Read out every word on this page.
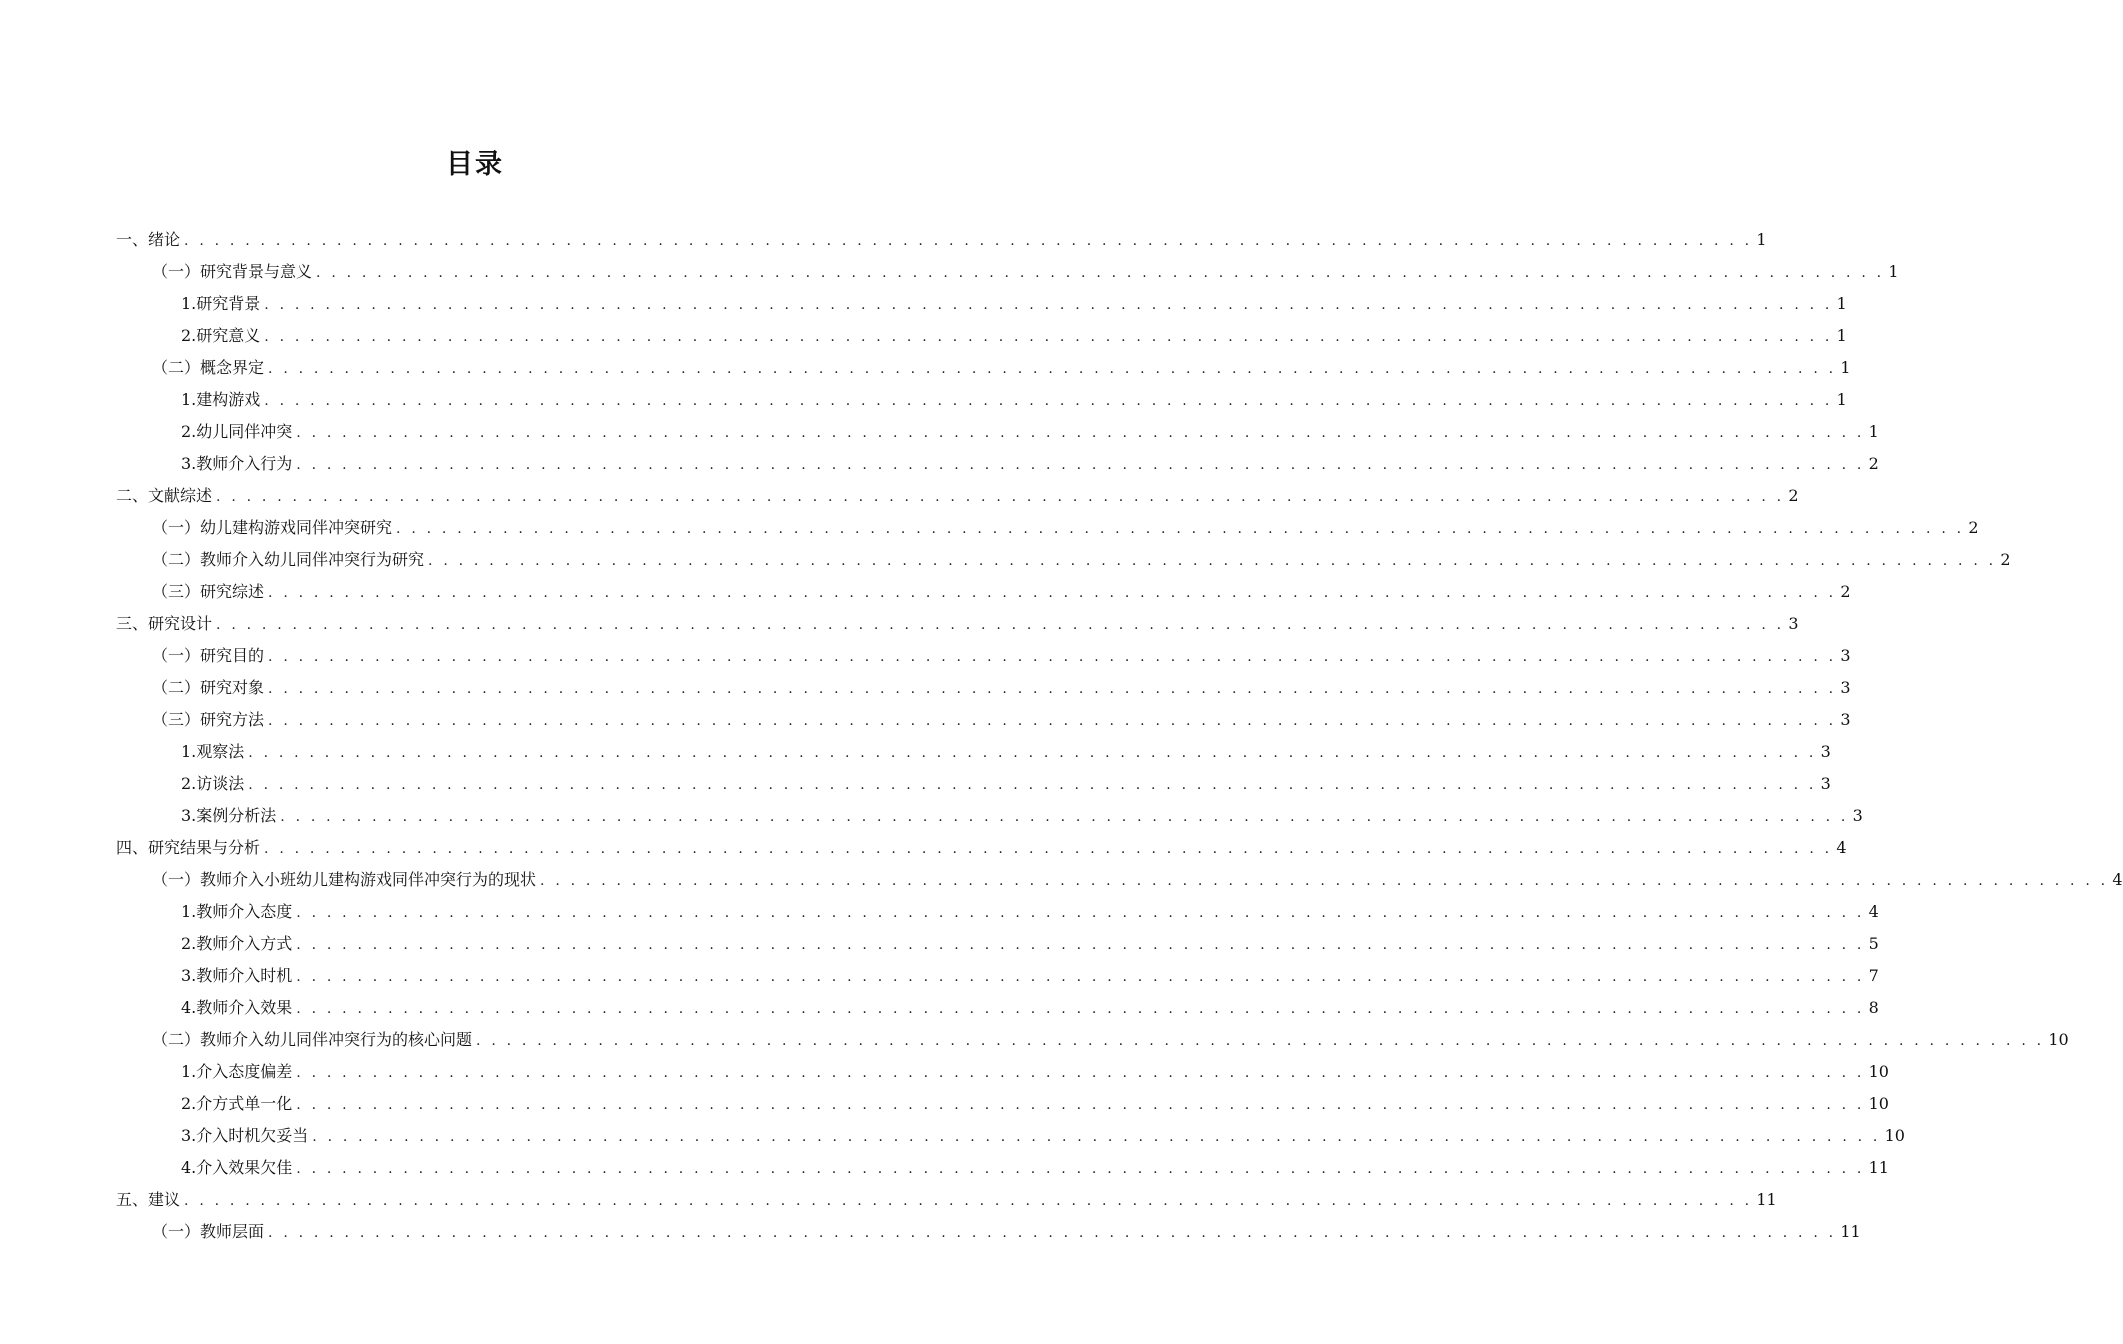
目录
一、绪论 . . . . . . . . . . . . . . . . . . . . . . . . . . . . . . . . . . . . . . . . . . . . . . . . . . . . . . . . . . . . . . . . . . . . . . . . . . . . . . . . . . . . . . . . . . . . . . . . . . . . . . . 1
（一）研究背景与意义 . . . . . . . . . . . . . . . . . . . . . . . . . . . . . . . . . . . . . . . . . . . . . . . . . . . . . . . . . . . . . . . . . . . . . . . . . . . . . . . . . . . . . . . . . . . . . . . . . . . . . . . 1
1.研究背景 . . . . . . . . . . . . . . . . . . . . . . . . . . . . . . . . . . . . . . . . . . . . . . . . . . . . . . . . . . . . . . . . . . . . . . . . . . . . . . . . . . . . . . . . . . . . . . . . . . . . . . . 1
2.研究意义 . . . . . . . . . . . . . . . . . . . . . . . . . . . . . . . . . . . . . . . . . . . . . . . . . . . . . . . . . . . . . . . . . . . . . . . . . . . . . . . . . . . . . . . . . . . . . . . . . . . . . . . 1
（二）概念界定 . . . . . . . . . . . . . . . . . . . . . . . . . . . . . . . . . . . . . . . . . . . . . . . . . . . . . . . . . . . . . . . . . . . . . . . . . . . . . . . . . . . . . . . . . . . . . . . . . . . . . . . 1
1.建构游戏 . . . . . . . . . . . . . . . . . . . . . . . . . . . . . . . . . . . . . . . . . . . . . . . . . . . . . . . . . . . . . . . . . . . . . . . . . . . . . . . . . . . . . . . . . . . . . . . . . . . . . . . 1
2.幼儿同伴冲突 . . . . . . . . . . . . . . . . . . . . . . . . . . . . . . . . . . . . . . . . . . . . . . . . . . . . . . . . . . . . . . . . . . . . . . . . . . . . . . . . . . . . . . . . . . . . . . . . . . . . . . . 1
3.教师介入行为 . . . . . . . . . . . . . . . . . . . . . . . . . . . . . . . . . . . . . . . . . . . . . . . . . . . . . . . . . . . . . . . . . . . . . . . . . . . . . . . . . . . . . . . . . . . . . . . . . . . . . . . 2
二、文献综述 . . . . . . . . . . . . . . . . . . . . . . . . . . . . . . . . . . . . . . . . . . . . . . . . . . . . . . . . . . . . . . . . . . . . . . . . . . . . . . . . . . . . . . . . . . . . . . . . . . . . . . . 2
（一）幼儿建构游戏同伴冲突研究 . . . . . . . . . . . . . . . . . . . . . . . . . . . . . . . . . . . . . . . . . . . . . . . . . . . . . . . . . . . . . . . . . . . . . . . . . . . . . . . . . . . . . . . . . . . . . . . . . . . . . . . 2
（二）教师介入幼儿同伴冲突行为研究 . . . . . . . . . . . . . . . . . . . . . . . . . . . . . . . . . . . . . . . . . . . . . . . . . . . . . . . . . . . . . . . . . . . . . . . . . . . . . . . . . . . . . . . . . . . . . . . . . . . . . . . 2
（三）研究综述 . . . . . . . . . . . . . . . . . . . . . . . . . . . . . . . . . . . . . . . . . . . . . . . . . . . . . . . . . . . . . . . . . . . . . . . . . . . . . . . . . . . . . . . . . . . . . . . . . . . . . . . 2
三、研究设计 . . . . . . . . . . . . . . . . . . . . . . . . . . . . . . . . . . . . . . . . . . . . . . . . . . . . . . . . . . . . . . . . . . . . . . . . . . . . . . . . . . . . . . . . . . . . . . . . . . . . . . . 3
（一）研究目的 . . . . . . . . . . . . . . . . . . . . . . . . . . . . . . . . . . . . . . . . . . . . . . . . . . . . . . . . . . . . . . . . . . . . . . . . . . . . . . . . . . . . . . . . . . . . . . . . . . . . . . . 3
（二）研究对象 . . . . . . . . . . . . . . . . . . . . . . . . . . . . . . . . . . . . . . . . . . . . . . . . . . . . . . . . . . . . . . . . . . . . . . . . . . . . . . . . . . . . . . . . . . . . . . . . . . . . . . . 3
（三）研究方法 . . . . . . . . . . . . . . . . . . . . . . . . . . . . . . . . . . . . . . . . . . . . . . . . . . . . . . . . . . . . . . . . . . . . . . . . . . . . . . . . . . . . . . . . . . . . . . . . . . . . . . . 3
1.观察法 . . . . . . . . . . . . . . . . . . . . . . . . . . . . . . . . . . . . . . . . . . . . . . . . . . . . . . . . . . . . . . . . . . . . . . . . . . . . . . . . . . . . . . . . . . . . . . . . . . . . . . . 3
2.访谈法 . . . . . . . . . . . . . . . . . . . . . . . . . . . . . . . . . . . . . . . . . . . . . . . . . . . . . . . . . . . . . . . . . . . . . . . . . . . . . . . . . . . . . . . . . . . . . . . . . . . . . . . 3
3.案例分析法 . . . . . . . . . . . . . . . . . . . . . . . . . . . . . . . . . . . . . . . . . . . . . . . . . . . . . . . . . . . . . . . . . . . . . . . . . . . . . . . . . . . . . . . . . . . . . . . . . . . . . . . 3
四、研究结果与分析 . . . . . . . . . . . . . . . . . . . . . . . . . . . . . . . . . . . . . . . . . . . . . . . . . . . . . . . . . . . . . . . . . . . . . . . . . . . . . . . . . . . . . . . . . . . . . . . . . . . . . . . 4
（一）教师介入小班幼儿建构游戏同伴冲突行为的现状 . . . . . . . . . . . . . . . . . . . . . . . . . . . . . . . . . . . . . . . . . . . . . . . . . . . . . . . . . . . . . . . . . . . . . . . . . . . . . . . . . . . . . . . . . . . . . . . . . . . . . . . 4
1.教师介入态度 . . . . . . . . . . . . . . . . . . . . . . . . . . . . . . . . . . . . . . . . . . . . . . . . . . . . . . . . . . . . . . . . . . . . . . . . . . . . . . . . . . . . . . . . . . . . . . . . . . . . . . . 4
2.教师介入方式 . . . . . . . . . . . . . . . . . . . . . . . . . . . . . . . . . . . . . . . . . . . . . . . . . . . . . . . . . . . . . . . . . . . . . . . . . . . . . . . . . . . . . . . . . . . . . . . . . . . . . . . 5
3.教师介入时机 . . . . . . . . . . . . . . . . . . . . . . . . . . . . . . . . . . . . . . . . . . . . . . . . . . . . . . . . . . . . . . . . . . . . . . . . . . . . . . . . . . . . . . . . . . . . . . . . . . . . . . . 7
4.教师介入效果 . . . . . . . . . . . . . . . . . . . . . . . . . . . . . . . . . . . . . . . . . . . . . . . . . . . . . . . . . . . . . . . . . . . . . . . . . . . . . . . . . . . . . . . . . . . . . . . . . . . . . . . 8
（二）教师介入幼儿同伴冲突行为的核心问题 . . . . . . . . . . . . . . . . . . . . . . . . . . . . . . . . . . . . . . . . . . . . . . . . . . . . . . . . . . . . . . . . . . . . . . . . . . . . . . . . . . . . . . . . . . . . . . . . . . . . . . . 10
1.介入态度偏差 . . . . . . . . . . . . . . . . . . . . . . . . . . . . . . . . . . . . . . . . . . . . . . . . . . . . . . . . . . . . . . . . . . . . . . . . . . . . . . . . . . . . . . . . . . . . . . . . . . . . . . . 10
2.介方式单一化 . . . . . . . . . . . . . . . . . . . . . . . . . . . . . . . . . . . . . . . . . . . . . . . . . . . . . . . . . . . . . . . . . . . . . . . . . . . . . . . . . . . . . . . . . . . . . . . . . . . . . . . 10
3.介入时机欠妥当 . . . . . . . . . . . . . . . . . . . . . . . . . . . . . . . . . . . . . . . . . . . . . . . . . . . . . . . . . . . . . . . . . . . . . . . . . . . . . . . . . . . . . . . . . . . . . . . . . . . . . . . 10
4.介入效果欠佳 . . . . . . . . . . . . . . . . . . . . . . . . . . . . . . . . . . . . . . . . . . . . . . . . . . . . . . . . . . . . . . . . . . . . . . . . . . . . . . . . . . . . . . . . . . . . . . . . . . . . . . . 11
五、建议 . . . . . . . . . . . . . . . . . . . . . . . . . . . . . . . . . . . . . . . . . . . . . . . . . . . . . . . . . . . . . . . . . . . . . . . . . . . . . . . . . . . . . . . . . . . . . . . . . . . . . . . 11
（一）教师层面 . . . . . . . . . . . . . . . . . . . . . . . . . . . . . . . . . . . . . . . . . . . . . . . . . . . . . . . . . . . . . . . . . . . . . . . . . . . . . . . . . . . . . . . . . . . . . . . . . . . . . . . 11
